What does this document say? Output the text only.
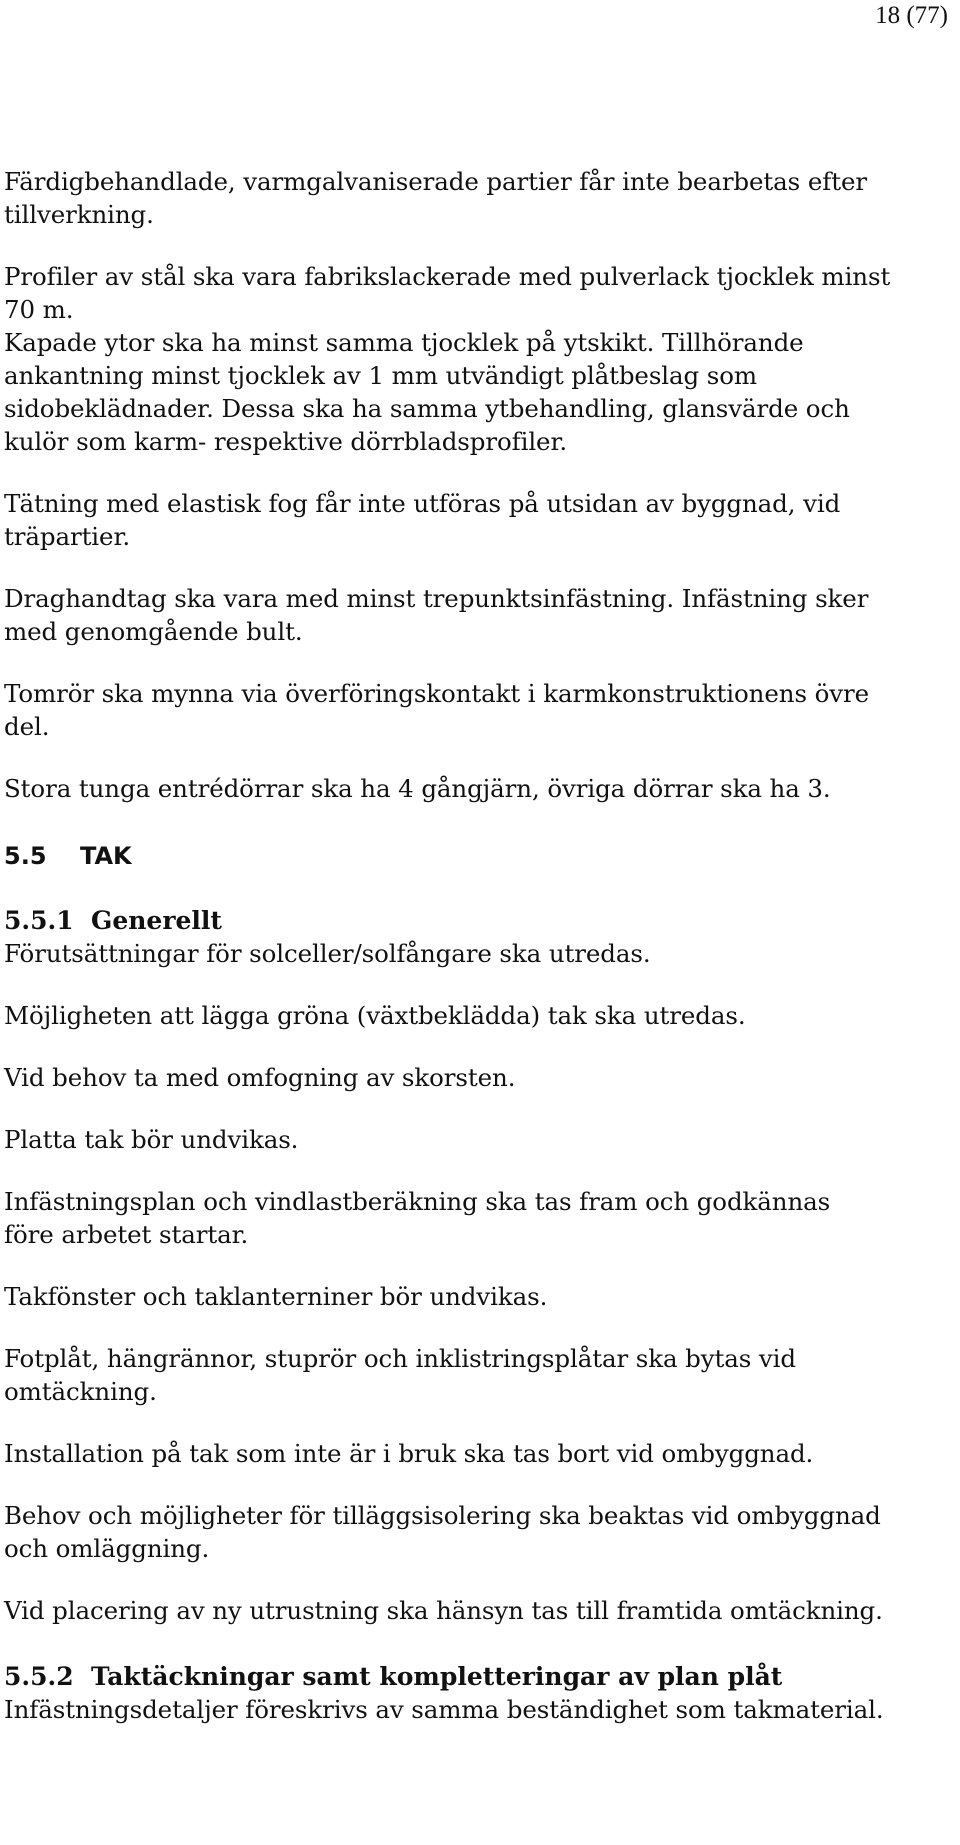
18 (77)

Färdigbehandlade, varmgalvaniserade partier får inte bearbetas efter
tillverkning.

Profiler av stål ska vara fabrikslackerade med pulverlack tjocklek minst
70 m.

Kapade ytor ska ha minst samma tjocklek på ytskikt. Tillhörande
ankantning minst tjocklek av 1 mm utvändigt plåtbeslag som
sidobeklädnader. Dessa ska ha samma ytbehandling, glansvärde och
kulör som karm- respektive dörrbladsprofiler.

Tätning med elastisk fog får inte utföras på utsidan av byggnad, vid
träpartier.

Draghandtag ska vara med minst trepunktsinfästning. Infästning sker
med genomgående bult.

Tomrör ska mynna via överföringskontakt i karmkonstruktionens övre
del.

Stora tunga entrédörrar ska ha 4 gångjärn, övriga dörrar ska ha 3.

5.5    TAK
5.5.1  Generellt

Förutsättningar för solceller/solfångare ska utredas.

Möjligheten att lägga gröna (växtbeklädda) tak ska utredas.

Vid behov ta med omfogning av skorsten.

Platta tak bör undvikas.

Infästningsplan och vindlastberäkning ska tas fram och godkännas
före arbetet startar.

Takfönster och taklanterniner bör undvikas.

Fotplåt, hängrännor, stuprör och inklistringsplåtar ska bytas vid
omtäckning.

Installation på tak som inte är i bruk ska tas bort vid ombyggnad.

Behov och möjligheter för tilläggsisolering ska beaktas vid ombyggnad
och omläggning.

Vid placering av ny utrustning ska hänsyn tas till framtida omtäckning.

5.5.2  Taktäckningar samt kompletteringar av plan plåt

Infästningsdetaljer föreskrivs av samma beständighet som takmaterial.
